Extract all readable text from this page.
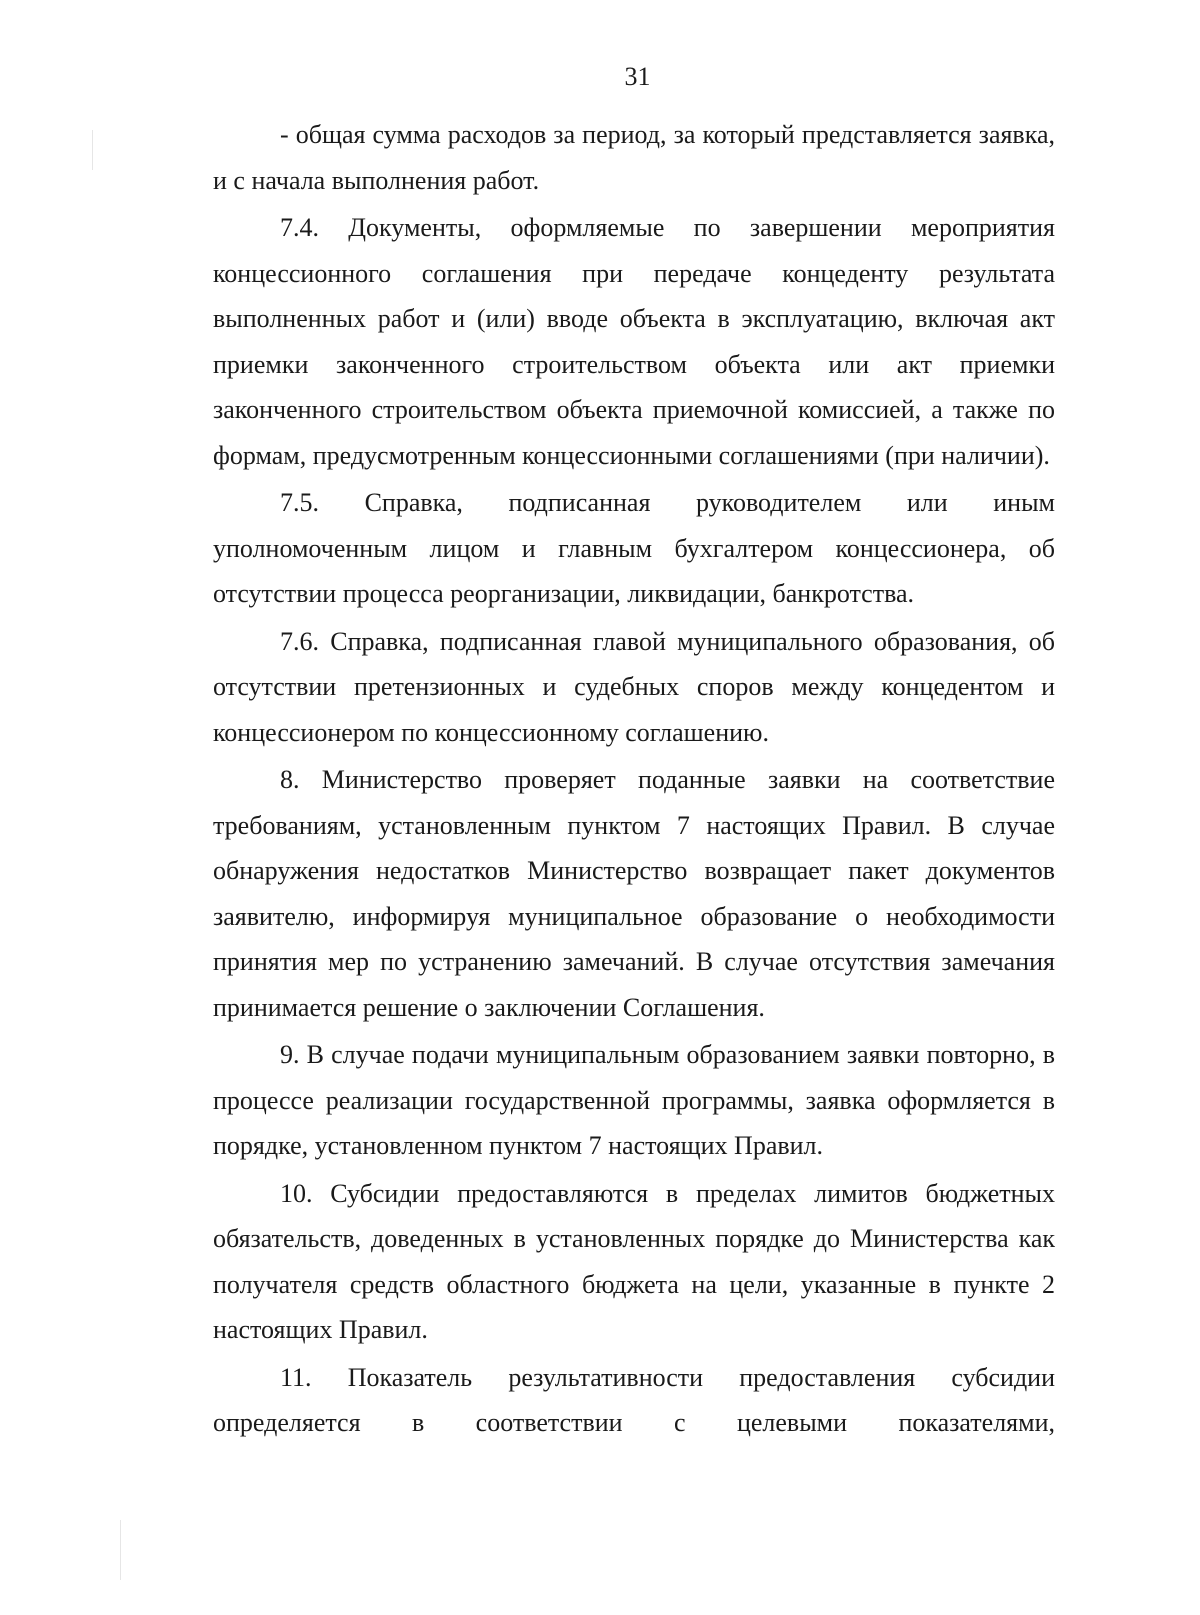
31

- общая сумма расходов за период, за который представляется заявка, и с начала выполнения работ.

7.4. Документы, оформляемые по завершении мероприятия концессионного соглашения при передаче концеденту результата выполненных работ и (или) вводе объекта в эксплуатацию, включая акт приемки законченного строительством объекта или акт приемки законченного строительством объекта приемочной комиссией, а также по формам, предусмотренным концессионными соглашениями (при наличии).

7.5. Справка, подписанная руководителем или иным уполномоченным лицом и главным бухгалтером концессионера, об отсутствии процесса реорганизации, ликвидации, банкротства.

7.6. Справка, подписанная главой муниципального образования, об отсутствии претензионных и судебных споров между концедентом и концессионером по концессионному соглашению.

8. Министерство проверяет поданные заявки на соответствие требованиям, установленным пунктом 7 настоящих Правил. В случае обнаружения недостатков Министерство возвращает пакет документов заявителю, информируя муниципальное образование о необходимости принятия мер по устранению замечаний. В случае отсутствия замечания принимается решение о заключении Соглашения.

9. В случае подачи муниципальным образованием заявки повторно, в процессе реализации государственной программы, заявка оформляется в порядке, установленном пунктом 7 настоящих Правил.

10. Субсидии предоставляются в пределах лимитов бюджетных обязательств, доведенных в установленных порядке до Министерства как получателя средств областного бюджета на цели, указанные в пункте 2 настоящих Правил.

11. Показатель результативности предоставления субсидии определяется в соответствии с целевыми показателями,
